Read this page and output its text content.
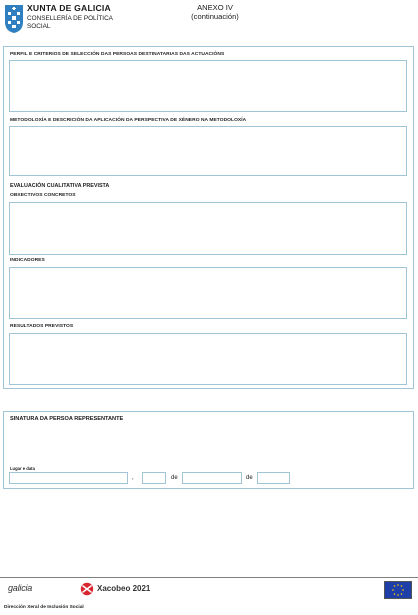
XUNTA DE GALICIA
CONSELLERÍA DE POLÍTICA
SOCIAL
ANEXO IV
(continuación)
PERFIL E CRITERIOS DE SELECCIÓN DAS PERSOAS DESTINATARIAS DAS ACTUACIÓNS
METODOLOXÍA E DESCRICIÓN DA APLICACIÓN DA PERSPECTIVA DE XÉNERO NA METODOLOXÍA
EVALUACIÓN CUALITATIVA PREVISTA
OBXECTIVOS CONCRETOS
INDICADORES
RESULTADOS PREVISTOS
SINATURA DA PERSOA REPRESENTANTE
Lugar e data
,	de	de
galicia	Xacobeo 2021
Dirección Xeral de Inclusión Social
